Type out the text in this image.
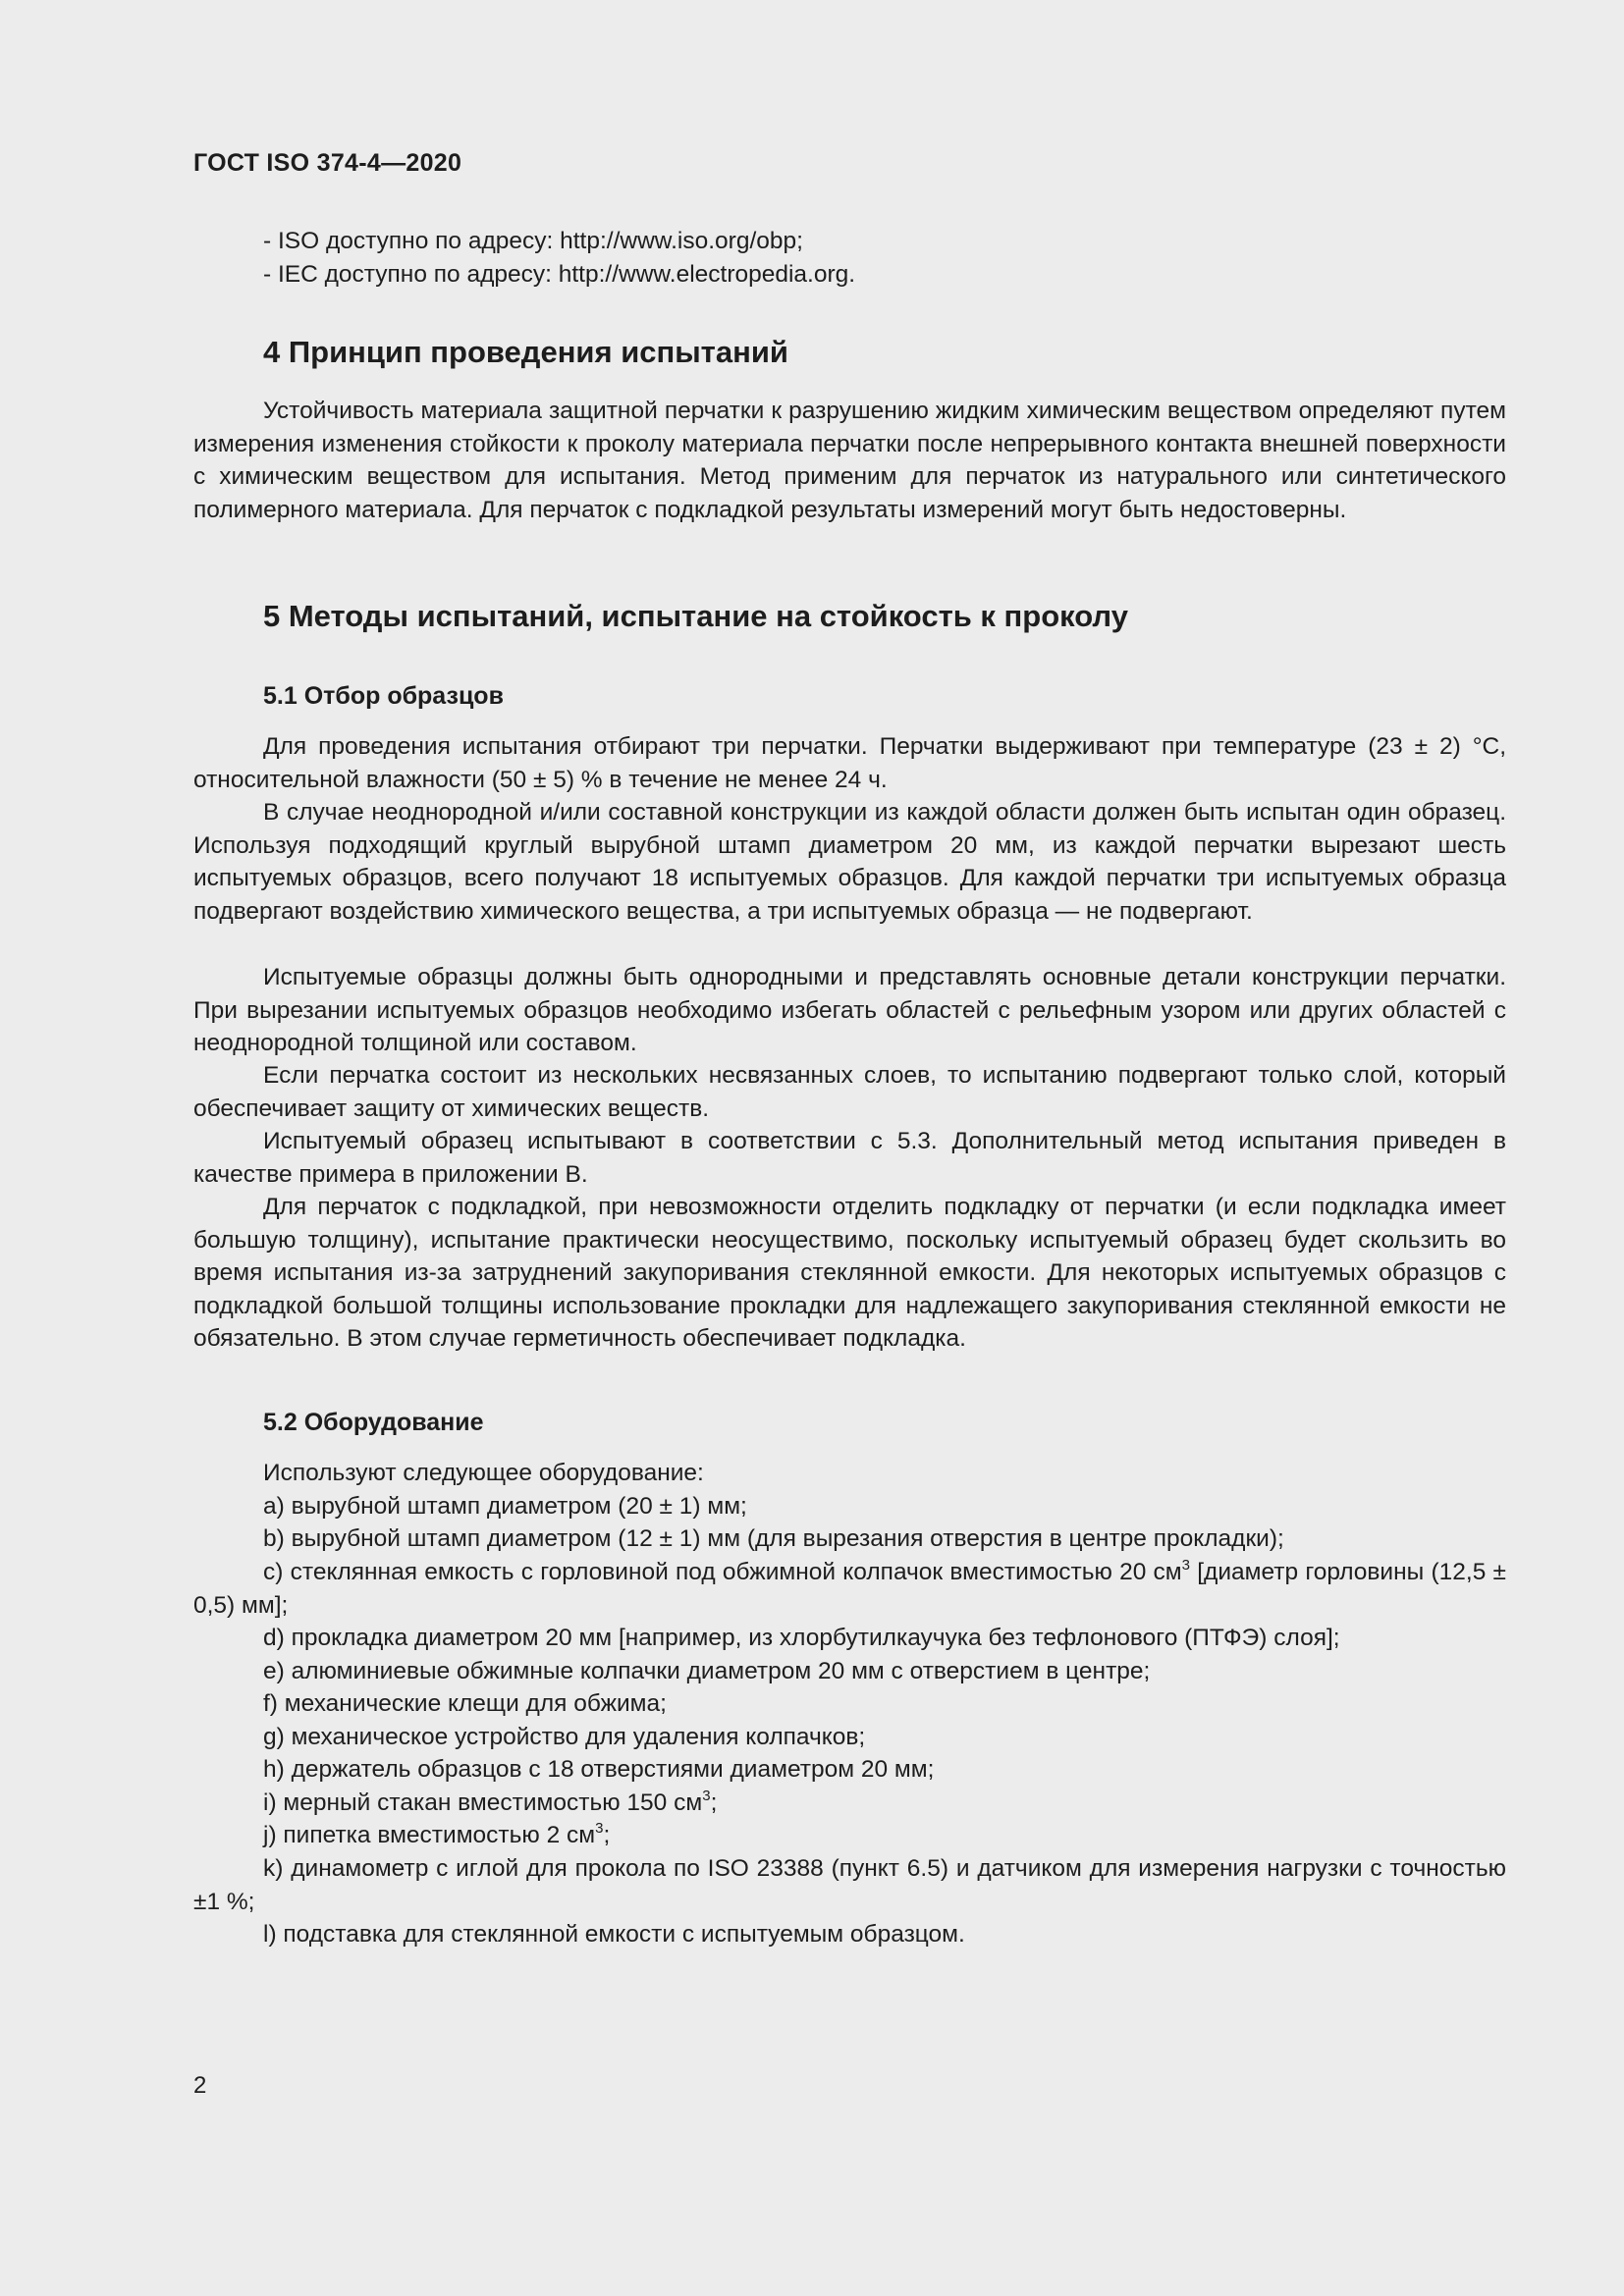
ГОСТ ISO 374-4—2020
- ISO доступно по адресу: http://www.iso.org/obp;
- IEC доступно по адресу: http://www.electropedia.org.
4 Принцип проведения испытаний
Устойчивость материала защитной перчатки к разрушению жидким химическим веществом определяют путем измерения изменения стойкости к проколу материала перчатки после непрерывного контакта внешней поверхности с химическим веществом для испытания. Метод применим для перчаток из натурального или синтетического полимерного материала. Для перчаток с подкладкой результаты измерений могут быть недостоверны.
5 Методы испытаний, испытание на стойкость к проколу
5.1 Отбор образцов
Для проведения испытания отбирают три перчатки. Перчатки выдерживают при температуре (23 ± 2) °С, относительной влажности (50 ± 5) % в течение не менее 24 ч.
В случае неоднородной и/или составной конструкции из каждой области должен быть испытан один образец. Используя подходящий круглый вырубной штамп диаметром 20 мм, из каждой перчатки вырезают шесть испытуемых образцов, всего получают 18 испытуемых образцов. Для каждой перчатки три испытуемых образца подвергают воздействию химического вещества, а три испытуемых образца — не подвергают.
Испытуемые образцы должны быть однородными и представлять основные детали конструкции перчатки. При вырезании испытуемых образцов необходимо избегать областей с рельефным узором или других областей с неоднородной толщиной или составом.
Если перчатка состоит из нескольких несвязанных слоев, то испытанию подвергают только слой, который обеспечивает защиту от химических веществ.
Испытуемый образец испытывают в соответствии с 5.3. Дополнительный метод испытания приведен в качестве примера в приложении В.
Для перчаток с подкладкой, при невозможности отделить подкладку от перчатки (и если подкладка имеет большую толщину), испытание практически неосуществимо, поскольку испытуемый образец будет скользить во время испытания из-за затруднений закупоривания стеклянной емкости. Для некоторых испытуемых образцов с подкладкой большой толщины использование прокладки для надлежащего закупоривания стеклянной емкости не обязательно. В этом случае герметичность обеспечивает подкладка.
5.2 Оборудование
Используют следующее оборудование:
a) вырубной штамп диаметром (20 ± 1) мм;
b) вырубной штамп диаметром (12 ± 1) мм (для вырезания отверстия в центре прокладки);
c) стеклянная емкость с горловиной под обжимной колпачок вместимостью 20 $см^3$ [диаметр горловины (12,5 ± 0,5) мм];
d) прокладка диаметром 20 мм [например, из хлорбутилкаучука без тефлонового (ПТФЭ) слоя];
e) алюминиевые обжимные колпачки диаметром 20 мм с отверстием в центре;
f) механические клещи для обжима;
g) механическое устройство для удаления колпачков;
h) держатель образцов с 18 отверстиями диаметром 20 мм;
i) мерный стакан вместимостью 150 $см^3$;
j) пипетка вместимостью 2 $см^3$;
k) динамометр с иглой для прокола по ISO 23388 (пункт 6.5) и датчиком для измерения нагрузки с точностью ±1 %;
l) подставка для стеклянной емкости с испытуемым образцом.
2
